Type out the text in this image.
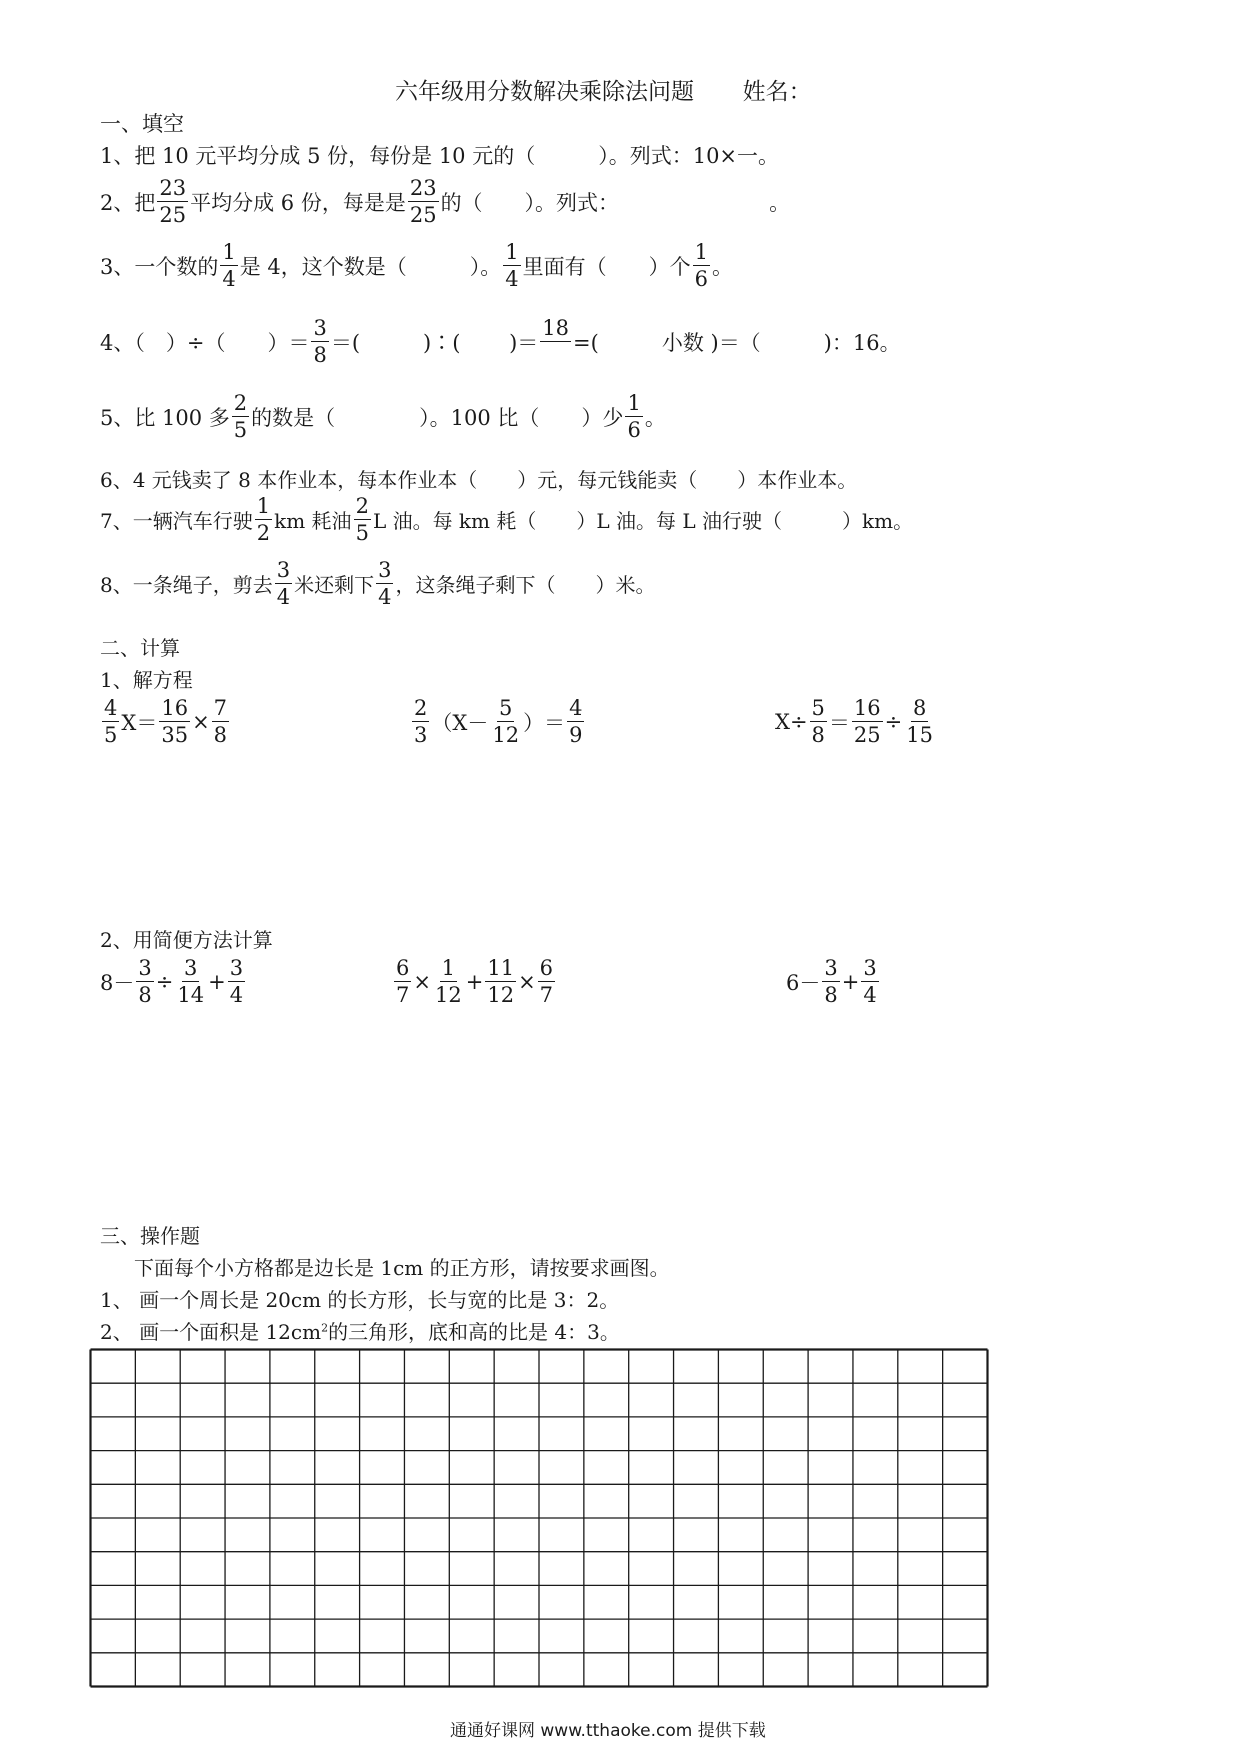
六年级用分数解决乘除法问题 姓名：
一、填空
1、把 10 元平均分成 5 份，每份是 10 元的（　　　）。列式：10×一。
2、把 $\frac{23}{25}$ 平均分成 6 份，每是是 $\frac{23}{25}$ 的（　　）。列式：	。
3、一个数的 $\frac{1}{4}$ 是 4，这个数是（　　　）。 $\frac{1}{4}$ 里面有（　　）个 $\frac{1}{6}$ 。
4、（　）÷（　　）＝ $\frac{3}{8}$ ＝(　　　)∶(　　 )＝
18
=(　　　小数 )＝（　　　)：16。
5、比 100 多 $\frac{2}{5}$ 的数是（　　　　）。100 比（　　）少 $\frac{1}{6}$ 。
6、4 元钱卖了 8 本作业本，每本作业本（　　）元，每元钱能卖（　　）本作业本。
7、一辆汽车行驶 $\frac{1}{2}$ km 耗油 $\frac{2}{5}$ L 油。每 km 耗（　　）L 油。每 L 油行驶（　　　）km。
8、一条绳子，剪去 $\frac{3}{4}$ 米还剩下 $\frac{3}{4}$ ，这条绳子剩下（　　）米。
二、计算
1、解方程
$\frac{4}{5} X= \frac{16}{35} \times \frac{7}{8}$	$\frac{2}{3} (X- \frac{5}{12}$ ）＝ $\frac{4}{9}$	$X\div \frac{5}{8} = \frac{16}{25} \div \frac{8}{15}$
2、用简便方法计算
$8- \frac{3}{8} \div \frac{3}{14} + \frac{3}{4}$	$\frac{6}{7} \times \frac{1}{12} + \frac{11}{12} \times \frac{6}{7}$	$6- \frac{3}{8} + \frac{3}{4}$
三、操作题
下面每个小方格都是边长是 1cm 的正方形，请按要求画图。
1、 画一个周长是 20cm 的长方形，长与宽的比是 3：2。
2、 画一个面积是 $12cm^2$的三角形，底和高的比是 4：3。
通通好课网 www.tthaoke.com 提供下载
